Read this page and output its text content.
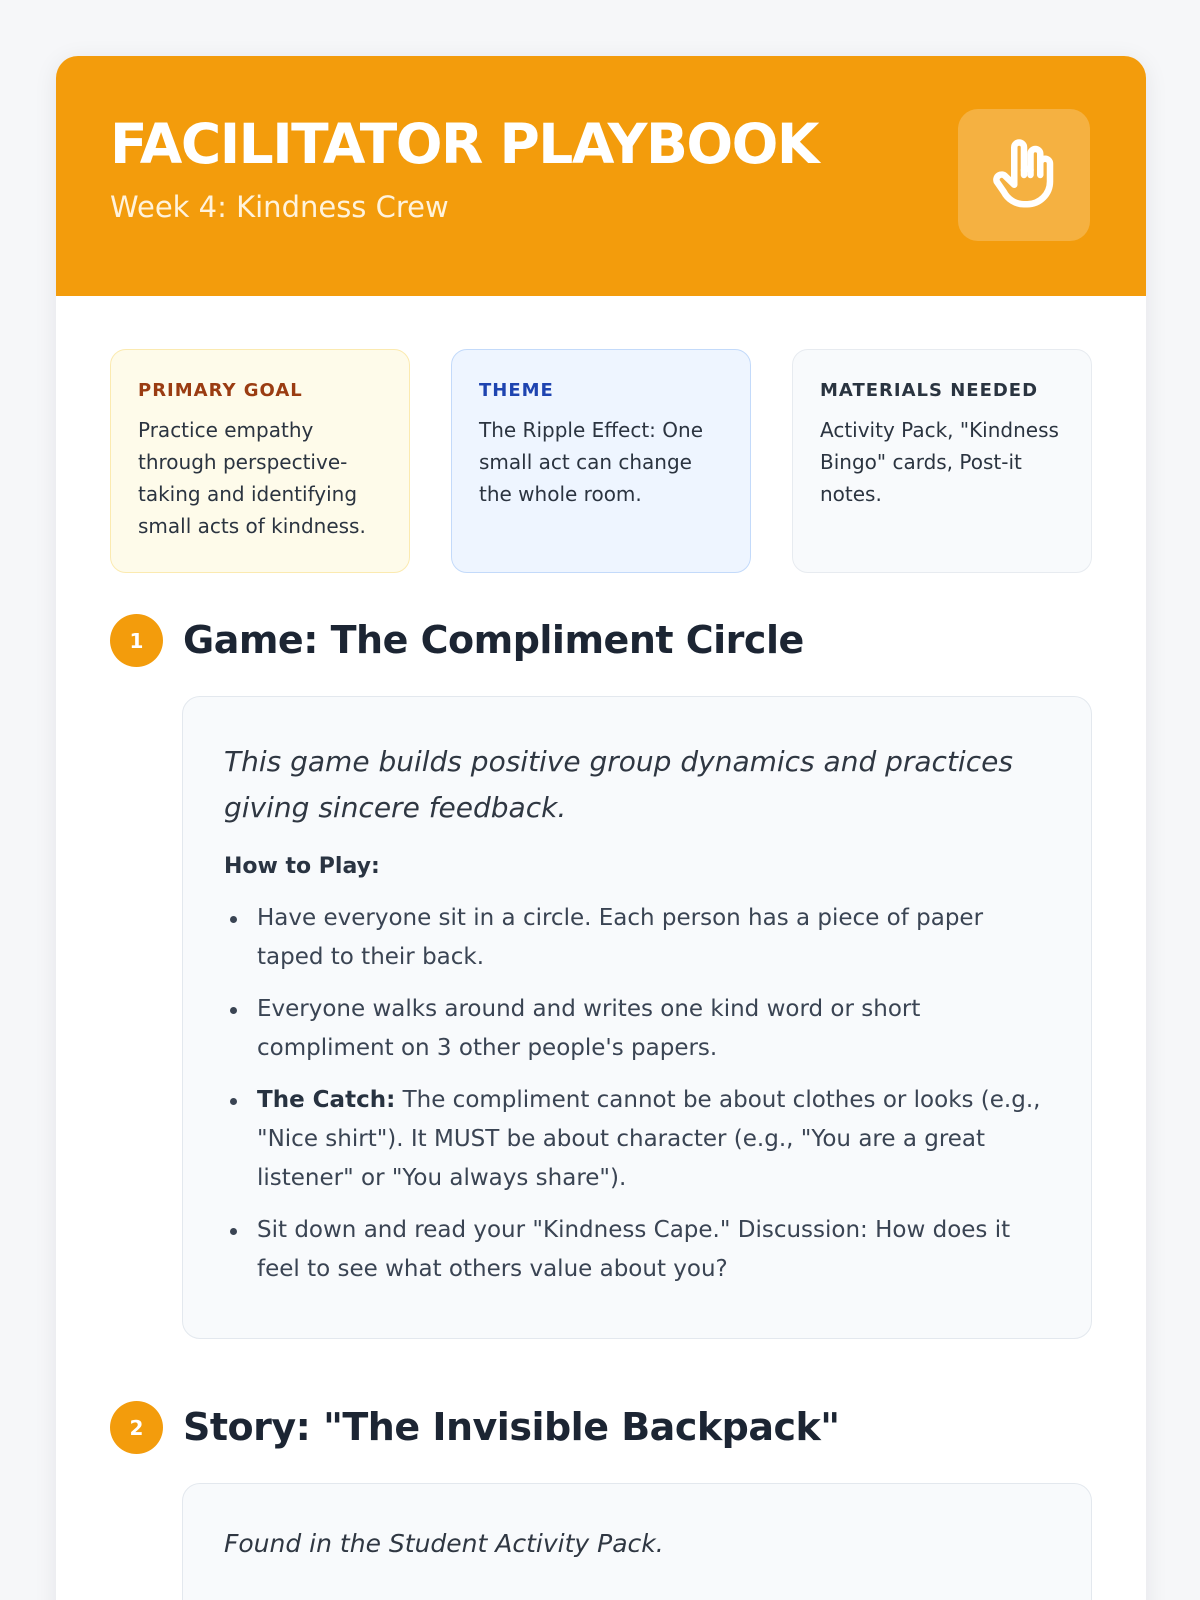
FACILITATOR PLAYBOOK
Week 4: Kindness Crew
PRIMARY GOAL
Practice empathy through perspective-taking and identifying small acts of kindness.
THEME
The Ripple Effect: One small act can change the whole room.
MATERIALS NEEDED
Activity Pack, "Kindness Bingo" cards, Post-it notes.
1	Game: The Compliment Circle
This game builds positive group dynamics and practices giving sincere feedback.
How to Play:
Have everyone sit in a circle. Each person has a piece of paper taped to their back.
Everyone walks around and writes one kind word or short compliment on 3 other people's papers.
The Catch: The compliment cannot be about clothes or looks (e.g., "Nice shirt"). It MUST be about character (e.g., "You are a great listener" or "You always share").
Sit down and read your "Kindness Cape." Discussion: How does it feel to see what others value about you?
2	Story: "The Invisible Backpack"
Found in the Student Activity Pack.
